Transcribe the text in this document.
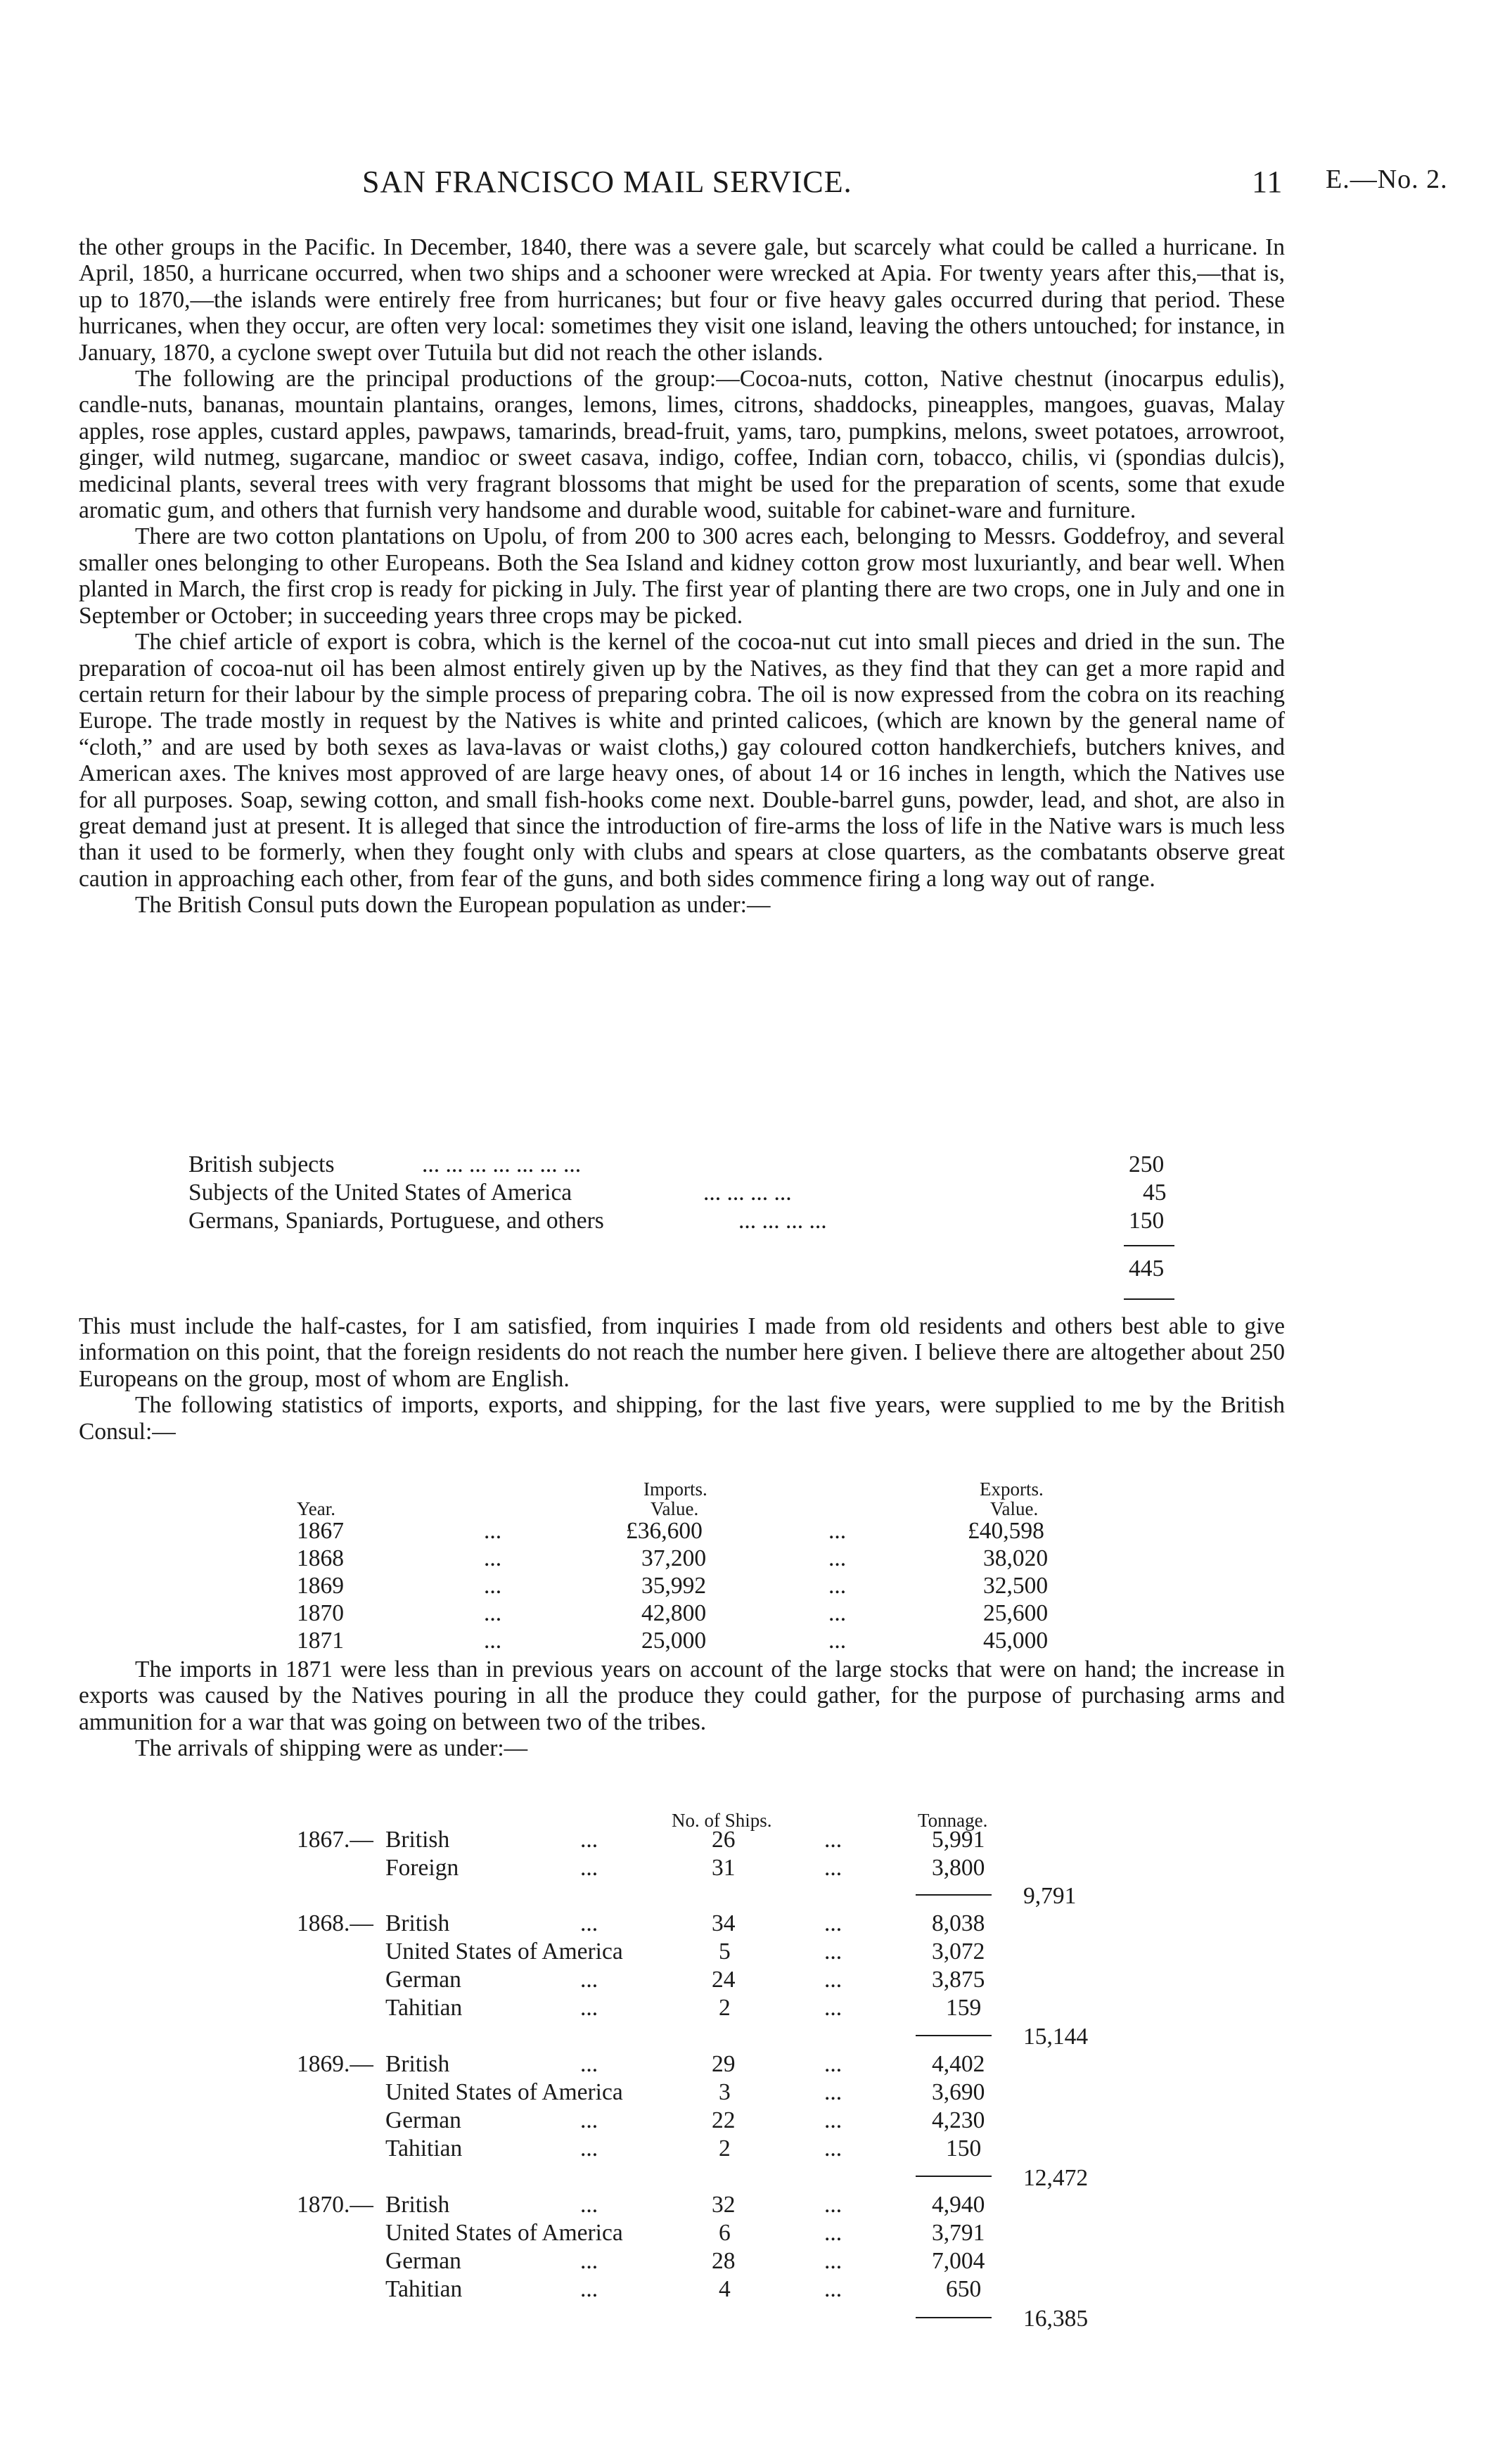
SAN FRANCISCO MAIL SERVICE.	11 E.—No. 2.

the other groups in the Pacific. In December, 1840, there was a severe gale, but scarcely what could be called a hurricane. In April, 1850, a hurricane occurred, when two ships and a schooner were wrecked at Apia. For twenty years after this,—that is, up to 1870,—the islands were entirely free from hurricanes; but four or five heavy gales occurred during that period. These hurricanes, when they occur, are often very local: sometimes they visit one island, leaving the others untouched; for instance, in January, 1870, a cyclone swept over Tutuila but did not reach the other islands.

The following are the principal productions of the group:—Cocoa-nuts, cotton, Native chestnut (inocarpus edulis), candle-nuts, bananas, mountain plantains, oranges, lemons, limes, citrons, shaddocks, pineapples, mangoes, guavas, Malay apples, rose apples, custard apples, pawpaws, tamarinds, bread-fruit, yams, taro, pumpkins, melons, sweet potatoes, arrowroot, ginger, wild nutmeg, sugarcane, mandioc or sweet casava, indigo, coffee, Indian corn, tobacco, chilis, vi (spondias dulcis), medicinal plants, several trees with very fragrant blossoms that might be used for the preparation of scents, some that exude aromatic gum, and others that furnish very handsome and durable wood, suitable for cabinet-ware and furniture.

There are two cotton plantations on Upolu, of from 200 to 300 acres each, belonging to Messrs. Goddefroy, and several smaller ones belonging to other Europeans. Both the Sea Island and kidney cotton grow most luxuriantly, and bear well. When planted in March, the first crop is ready for picking in July. The first year of planting there are two crops, one in July and one in September or October; in succeeding years three crops may be picked.

The chief article of export is cobra, which is the kernel of the cocoa-nut cut into small pieces and dried in the sun. The preparation of cocoa-nut oil has been almost entirely given up by the Natives, as they find that they can get a more rapid and certain return for their labour by the simple process of preparing cobra. The oil is now expressed from the cobra on its reaching Europe. The trade mostly in request by the Natives is white and printed calicoes, (which are known by the general name of “cloth,” and are used by both sexes as lava-lavas or waist cloths,) gay coloured cotton handkerchiefs, butchers knives, and American axes. The knives most approved of are large heavy ones, of about 14 or 16 inches in length, which the Natives use for all purposes. Soap, sewing cotton, and small fish-hooks come next. Double-barrel guns, powder, lead, and shot, are also in great demand just at present. It is alleged that since the introduction of fire-arms the loss of life in the Native wars is much less than it used to be formerly, when they fought only with clubs and spears at close quarters, as the combatants observe great caution in approaching each other, from fear of the guns, and both sides commence firing a long way out of range.

The British Consul puts down the European population as under:—

British subjects	... ... ... ... ... ... ...	250
Subjects of the United States of America	... ... ... ...	45
Germans, Spaniards, Portuguese, and others	... ... ... ...	150
445

This must include the half-castes, for I am satisfied, from inquiries I made from old residents and others best able to give information on this point, that the foreign residents do not reach the number here given. I believe there are altogether about 250 Europeans on the group, most of whom are English.

The following statistics of imports, exports, and shipping, for the last five years, were supplied to me by the British Consul:—

Imports.	Exports.
Year.	Value.	Value.
1867	...	£36,600	...	£40,598
1868	...	37,200	...	38,020
1869	...	35,992	...	32,500
1870	...	42,800	...	25,600
1871	...	25,000	...	45,000

The imports in 1871 were less than in previous years on account of the large stocks that were on hand; the increase in exports was caused by the Natives pouring in all the produce they could gather, for the purpose of purchasing arms and ammunition for a war that was going on between two of the tribes.

The arrivals of shipping were as under:—

No. of Ships.	Tonnage.
1867.— British	...	26	...	5,991
Foreign	...	31	...	3,800
9,791
1868.— British	...	34	...	8,038
United States of America	5	...	3,072
German	...	24	...	3,875
Tahitian	...	2	...	159
15,144
1869.— British	...	29	...	4,402
United States of America	3	...	3,690
German	...	22	...	4,230
Tahitian	...	2	...	150
12,472
1870.— British	...	32	...	4,940
United States of America	6	...	3,791
German	...	28	...	7,004
Tahitian	...	4	...	650
16,385
